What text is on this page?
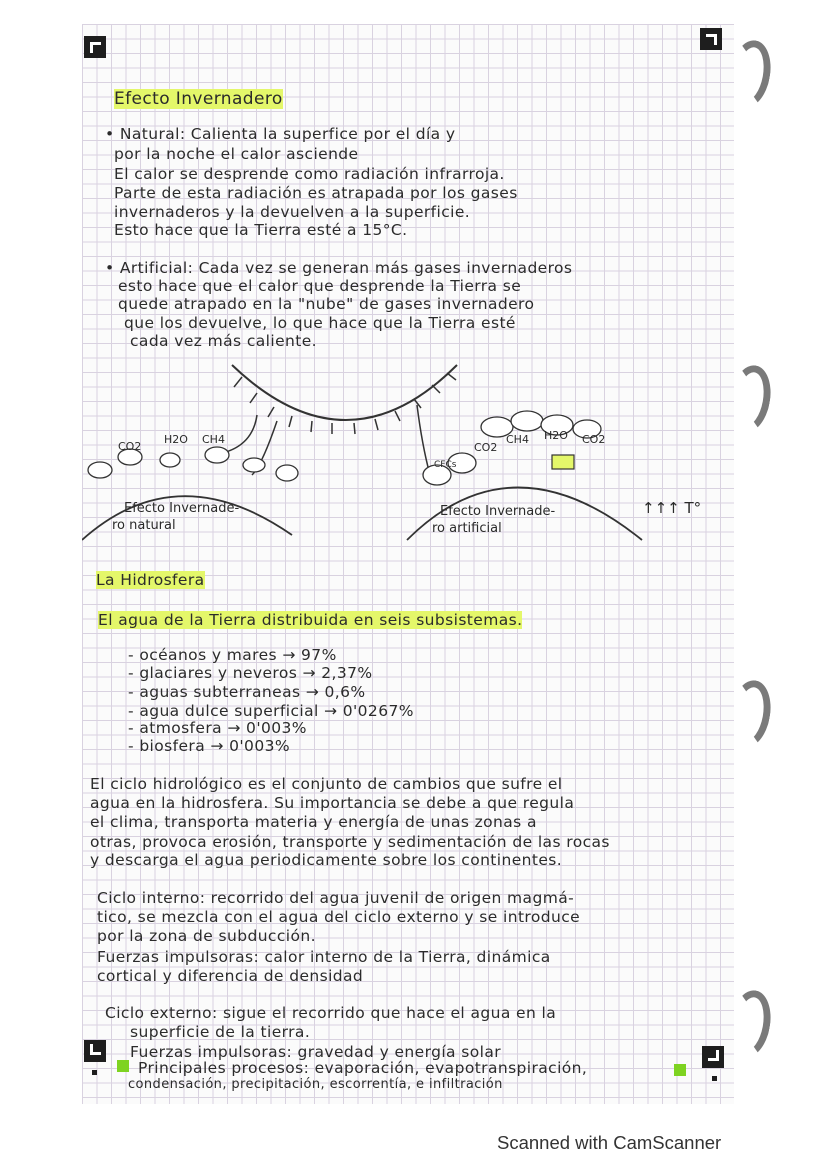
Efecto Invernadero
• Natural: Calienta la superfice por el día y
por la noche el calor asciende
El calor se desprende como radiación infrarroja.
Parte de esta radiación es atrapada por los gases
invernaderos y la devuelven a la superficie.
Esto hace que la Tierra esté a 15°C.
• Artificial: Cada vez se generan más gases invernaderos
esto hace que el calor que desprende la Tierra se
quede atrapado en la "nube" de gases invernadero
que los devuelve, lo que hace que la Tierra esté
cada vez más caliente.
CO2
H2O CH4
CO2
CH4 H2O CO2
CFCs
Efecto Invernade-
ro natural
Efecto Invernade-
ro artificial
↑↑↑ T°
La Hidrosfera
El agua de la Tierra distribuida en seis subsistemas.
- océanos y mares → 97%
- glaciares y neveros → 2,37%
- aguas subterraneas → 0,6%
- agua dulce superficial → 0'0267%
- atmosfera → 0'003%
- biosfera → 0'003%
El ciclo hidrológico es el conjunto de cambios que sufre el
agua en la hidrosfera. Su importancia se debe a que regula
el clima, transporta materia y energía de unas zonas a
otras, provoca erosión, transporte y sedimentación de las rocas
y descarga el agua periodicamente sobre los continentes.
Ciclo interno: recorrido del agua juvenil de origen magmá-
tico, se mezcla con el agua del ciclo externo y se introduce
por la zona de subducción.
Fuerzas impulsoras: calor interno de la Tierra, dinámica
cortical y diferencia de densidad
Ciclo externo: sigue el recorrido que hace el agua en la
superficie de la tierra.
Fuerzas impulsoras: gravedad y energía solar
Principales procesos: evaporación, evapotranspiración,
condensación, precipitación, escorrentía, e infiltración
Scanned with CamScanner
